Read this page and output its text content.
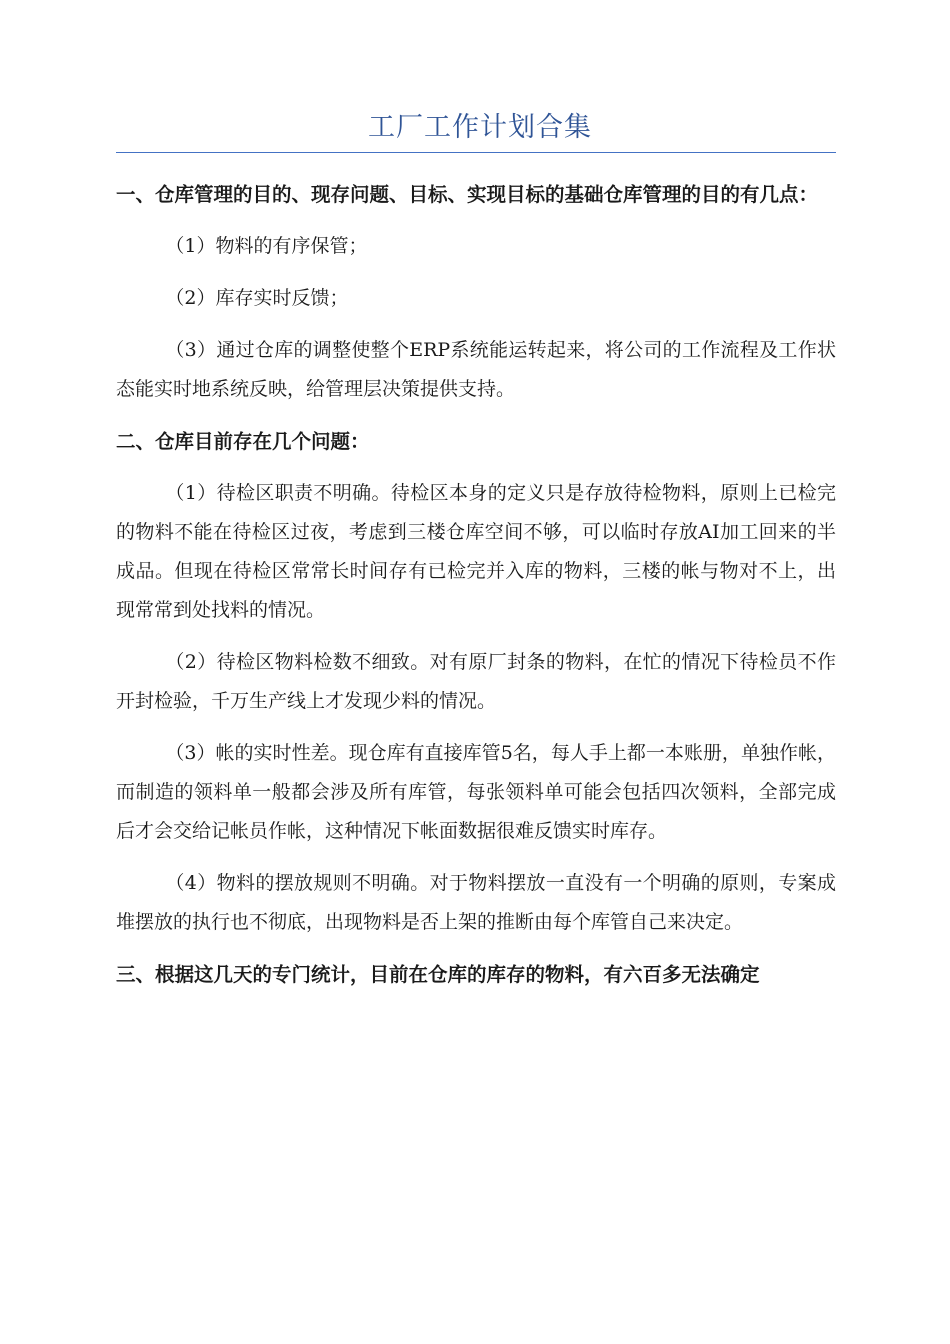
工厂工作计划合集
一、仓库管理的目的、现存问题、目标、实现目标的基础仓库管理的目的有几点：

（1）物料的有序保管；

（2）库存实时反馈；

（3）通过仓库的调整使整个ERP系统能运转起来，将公司的工作流程及工作状态能实时地系统反映，给管理层决策提供支持。

二、仓库目前存在几个问题：

（1）待检区职责不明确。待检区本身的定义只是存放待检物料，原则上已检完的物料不能在待检区过夜，考虑到三楼仓库空间不够，可以临时存放AI加工回来的半成品。但现在待检区常常长时间存有已检完并入库的物料，三楼的帐与物对不上，出现常常到处找料的情况。

（2）待检区物料检数不细致。对有原厂封条的物料，在忙的情况下待检员不作开封检验，千万生产线上才发现少料的情况。

（3）帐的实时性差。现仓库有直接库管5名，每人手上都一本账册，单独作帐，而制造的领料单一般都会涉及所有库管，每张领料单可能会包括四次领料，全部完成后才会交给记帐员作帐，这种情况下帐面数据很难反馈实时库存。

（4）物料的摆放规则不明确。对于物料摆放一直没有一个明确的原则，专案成堆摆放的执行也不彻底，出现物料是否上架的推断由每个库管自己来决定。

三、根据这几天的专门统计，目前在仓库的库存的物料，有六百多无法确定
